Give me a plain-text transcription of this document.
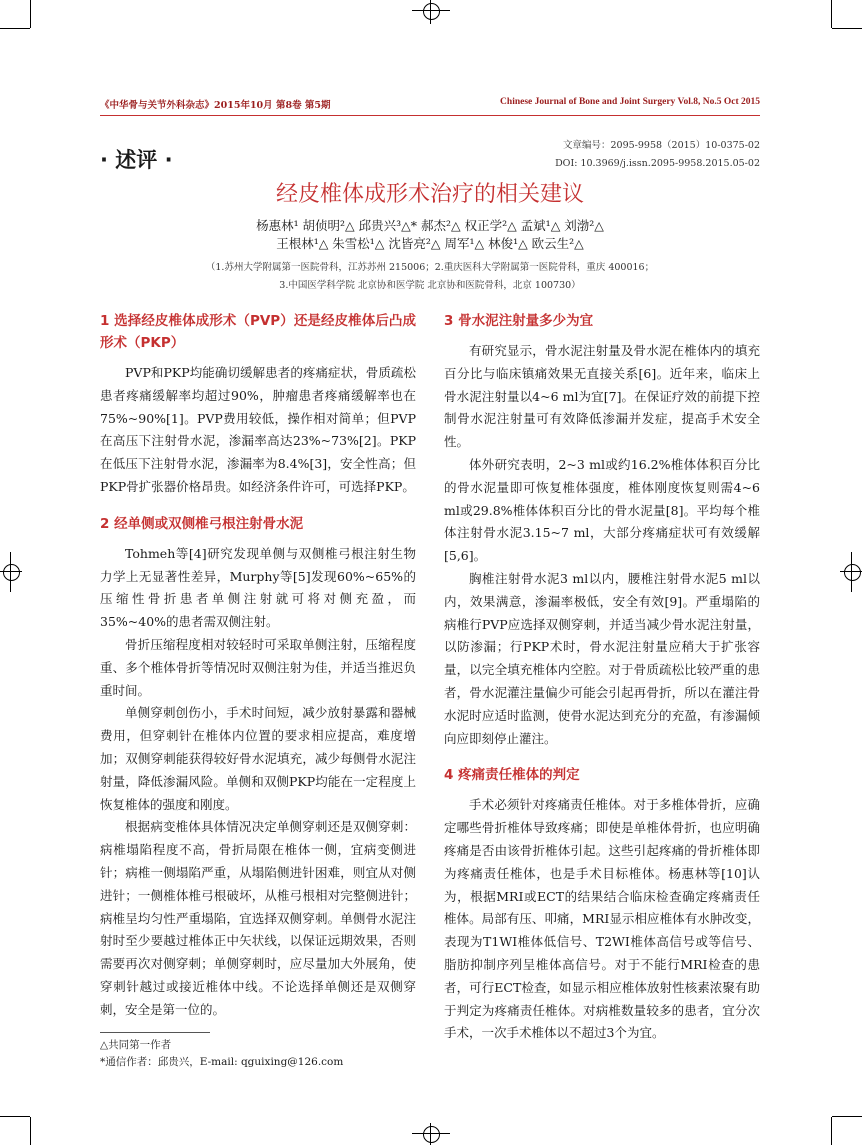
《中华骨与关节外科杂志》2015年10月 第8卷 第5期	Chinese Journal of Bone and Joint Surgery Vol.8, No.5 Oct 2015
· 述评 ·
文章编号：2095-9958（2015）10-0375-02
DOI: 10.3969/j.issn.2095-9958.2015.05-02
经皮椎体成形术治疗的相关建议
杨惠林¹ 胡侦明²△ 邱贵兴³△* 郝杰²△ 权正学²△ 孟斌¹△ 刘渤²△
王根林¹△ 朱雪松¹△ 沈皆亮²△ 周军¹△ 林俊¹△ 欧云生²△
（1.苏州大学附属第一医院骨科，江苏苏州 215006；2.重庆医科大学附属第一医院骨科，重庆 400016；
3.中国医学科学院 北京协和医学院 北京协和医院骨科，北京 100730）
1 选择经皮椎体成形术（PVP）还是经皮椎体后凸成形术（PKP）

PVP和PKP均能确切缓解患者的疼痛症状，骨质疏松患者疼痛缓解率均超过90%，肿瘤患者疼痛缓解率也在75%~90%[1]。PVP费用较低，操作相对简单；但PVP在高压下注射骨水泥，渗漏率高达23%~73%[2]。PKP在低压下注射骨水泥，渗漏率为8.4%[3]，安全性高；但PKP骨扩张器价格昂贵。如经济条件许可，可选择PKP。

2 经单侧或双侧椎弓根注射骨水泥

Tohmeh等[4]研究发现单侧与双侧椎弓根注射生物力学上无显著性差异，Murphy等[5]发现60%~65%的压缩性骨折患者单侧注射就可将对侧充盈，而35%~40%的患者需双侧注射。

骨折压缩程度相对较轻时可采取单侧注射，压缩程度重、多个椎体骨折等情况时双侧注射为佳，并适当推迟负重时间。

单侧穿刺创伤小，手术时间短，减少放射暴露和器械费用，但穿刺针在椎体内位置的要求相应提高，难度增加；双侧穿刺能获得较好骨水泥填充，减少每侧骨水泥注射量，降低渗漏风险。单侧和双侧PKP均能在一定程度上恢复椎体的强度和刚度。

根据病变椎体具体情况决定单侧穿刺还是双侧穿刺：病椎塌陷程度不高，骨折局限在椎体一侧，宜病变侧进针；病椎一侧塌陷严重，从塌陷侧进针困难，则宜从对侧进针；一侧椎体椎弓根破坏，从椎弓根相对完整侧进针；病椎呈均匀性严重塌陷，宜选择双侧穿刺。单侧骨水泥注射时至少要越过椎体正中矢状线，以保证远期效果，否则需要再次对侧穿刺；单侧穿刺时，应尽量加大外展角，使穿刺针越过或接近椎体中线。不论选择单侧还是双侧穿刺，安全是第一位的。

△共同第一作者

*通信作者：邱贵兴，E-mail: qguixing@126.com

3 骨水泥注射量多少为宜

有研究显示，骨水泥注射量及骨水泥在椎体内的填充百分比与临床镇痛效果无直接关系[6]。近年来，临床上骨水泥注射量以4~6 ml为宜[7]。在保证疗效的前提下控制骨水泥注射量可有效降低渗漏并发症，提高手术安全性。

体外研究表明，2~3 ml或约16.2%椎体体积百分比的骨水泥量即可恢复椎体强度，椎体刚度恢复则需4~6 ml或29.8%椎体体积百分比的骨水泥量[8]。平均每个椎体注射骨水泥3.15~7 ml，大部分疼痛症状可有效缓解[5,6]。

胸椎注射骨水泥3 ml以内，腰椎注射骨水泥5 ml以内，效果满意，渗漏率极低，安全有效[9]。严重塌陷的病椎行PVP应选择双侧穿刺，并适当减少骨水泥注射量，以防渗漏；行PKP术时，骨水泥注射量应稍大于扩张容量，以完全填充椎体内空腔。对于骨质疏松比较严重的患者，骨水泥灌注量偏少可能会引起再骨折，所以在灌注骨水泥时应适时监测，使骨水泥达到充分的充盈，有渗漏倾向应即刻停止灌注。

4 疼痛责任椎体的判定

手术必须针对疼痛责任椎体。对于多椎体骨折，应确定哪些骨折椎体导致疼痛；即使是单椎体骨折，也应明确疼痛是否由该骨折椎体引起。这些引起疼痛的骨折椎体即为疼痛责任椎体，也是手术目标椎体。杨惠林等[10]认为，根据MRI或ECT的结果结合临床检查确定疼痛责任椎体。局部有压、叩痛，MRI显示相应椎体有水肿改变，表现为T1WI椎体低信号、T2WI椎体高信号或等信号、脂肪抑制序列呈椎体高信号。对于不能行MRI检查的患者，可行ECT检查，如显示相应椎体放射性核素浓聚有助于判定为疼痛责任椎体。对病椎数量较多的患者，宜分次手术，一次手术椎体以不超过3个为宜。
